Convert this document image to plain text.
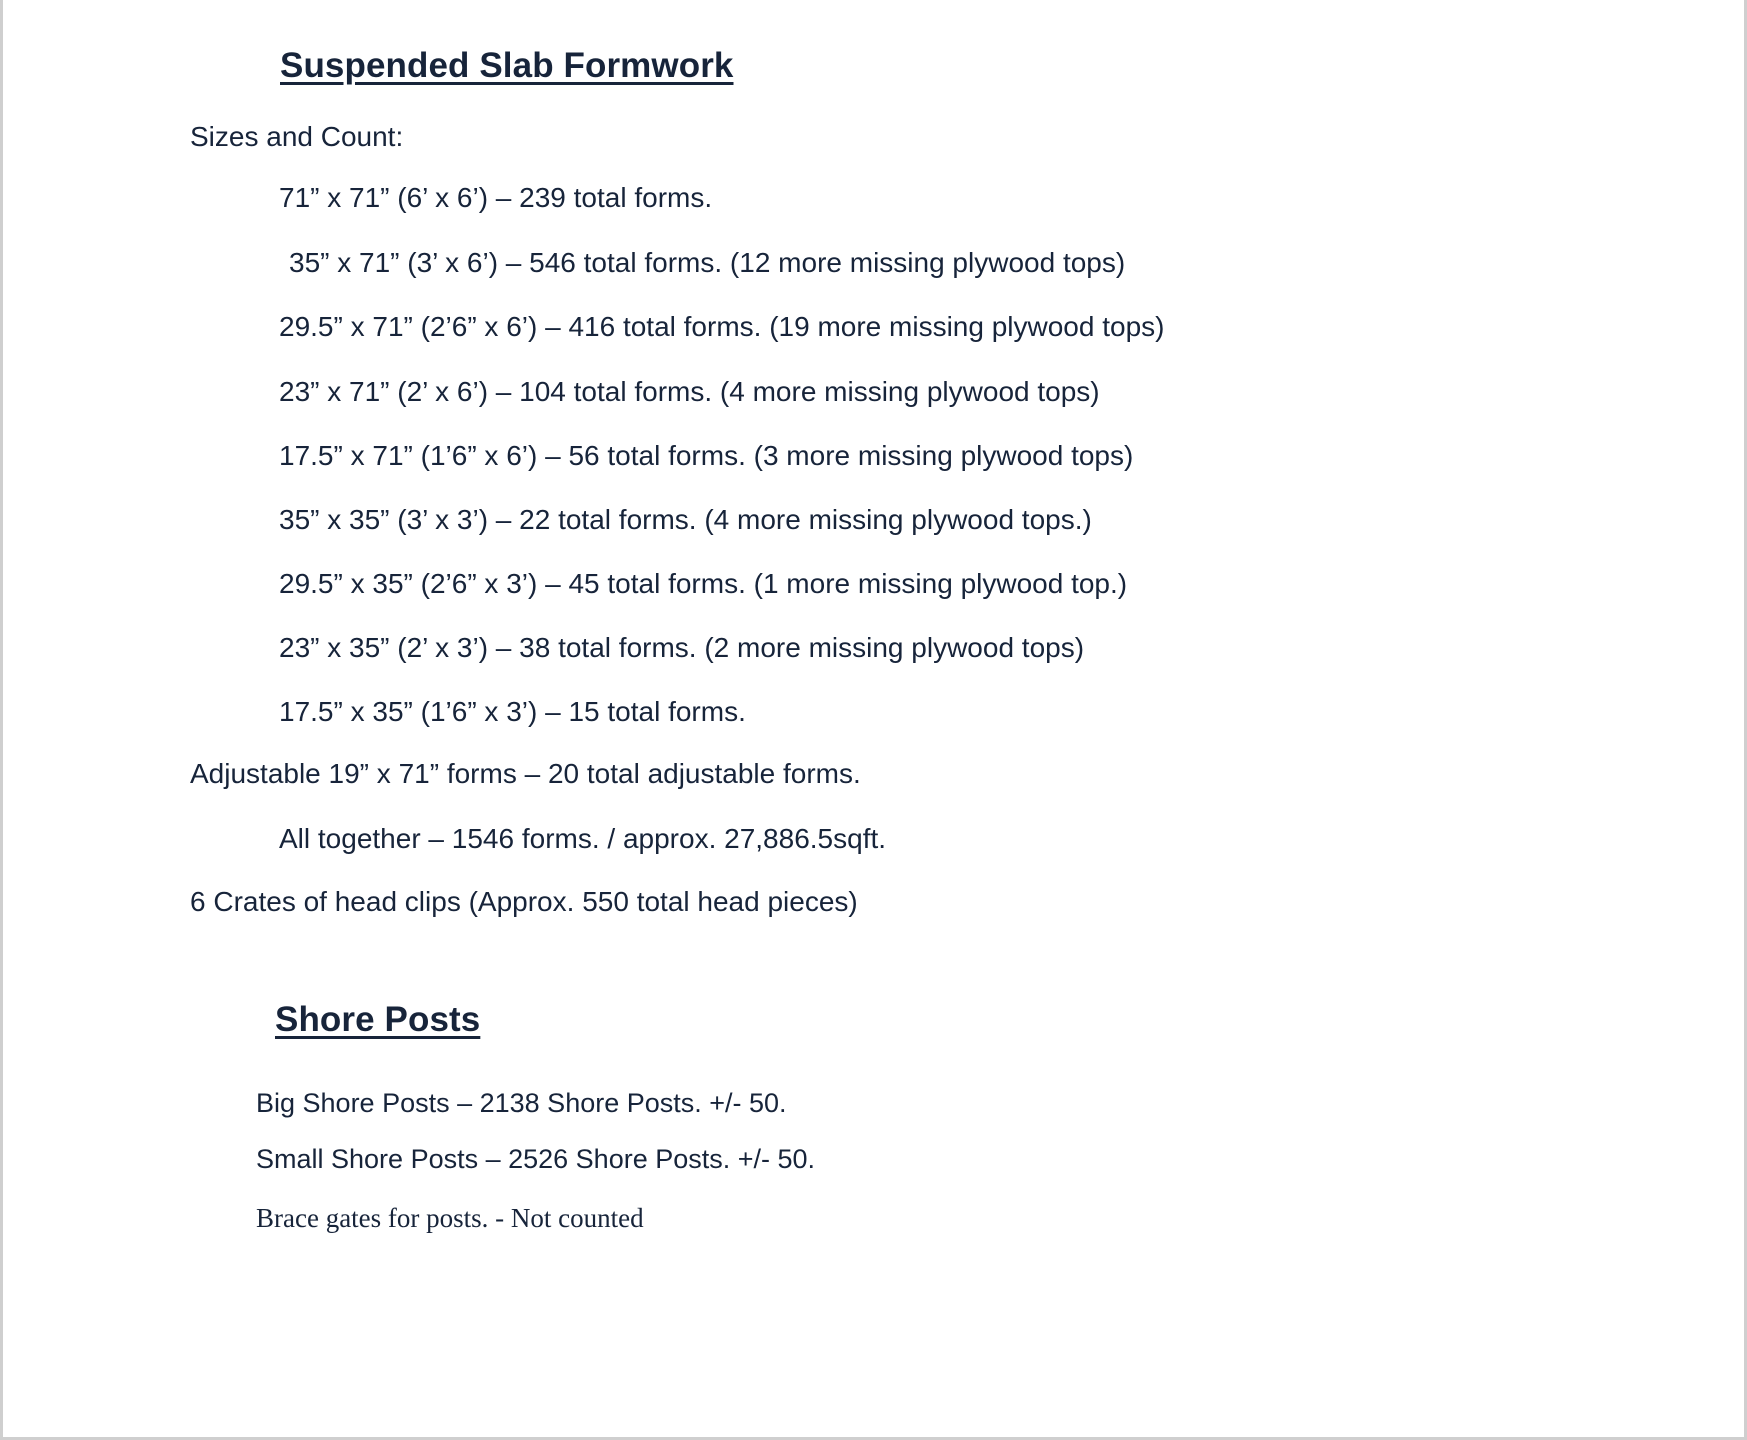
Suspended Slab Formwork
Sizes and Count:
71” x 71” (6’ x 6’) – 239 total forms.
35” x 71” (3’ x 6’) – 546 total forms. (12 more missing plywood tops)
29.5” x 71” (2’6” x 6’) – 416 total forms. (19 more missing plywood tops)
23” x 71” (2’ x 6’) – 104 total forms. (4 more missing plywood tops)
17.5” x 71” (1’6” x 6’) – 56 total forms. (3 more missing plywood tops)
35” x 35” (3’ x 3’) – 22 total forms. (4 more missing plywood tops.)
29.5” x 35” (2’6” x 3’) – 45 total forms. (1 more missing plywood top.)
23” x 35” (2’ x 3’) – 38 total forms. (2 more missing plywood tops)
17.5” x 35” (1’6” x 3’) – 15 total forms.
Adjustable 19” x 71” forms – 20 total adjustable forms.
All together – 1546 forms. / approx. 27,886.5sqft.
6 Crates of head clips (Approx. 550 total head pieces)
Shore Posts
Big Shore Posts – 2138 Shore Posts. +/- 50.
Small Shore Posts – 2526 Shore Posts. +/- 50.
Brace gates for posts. - Not counted
